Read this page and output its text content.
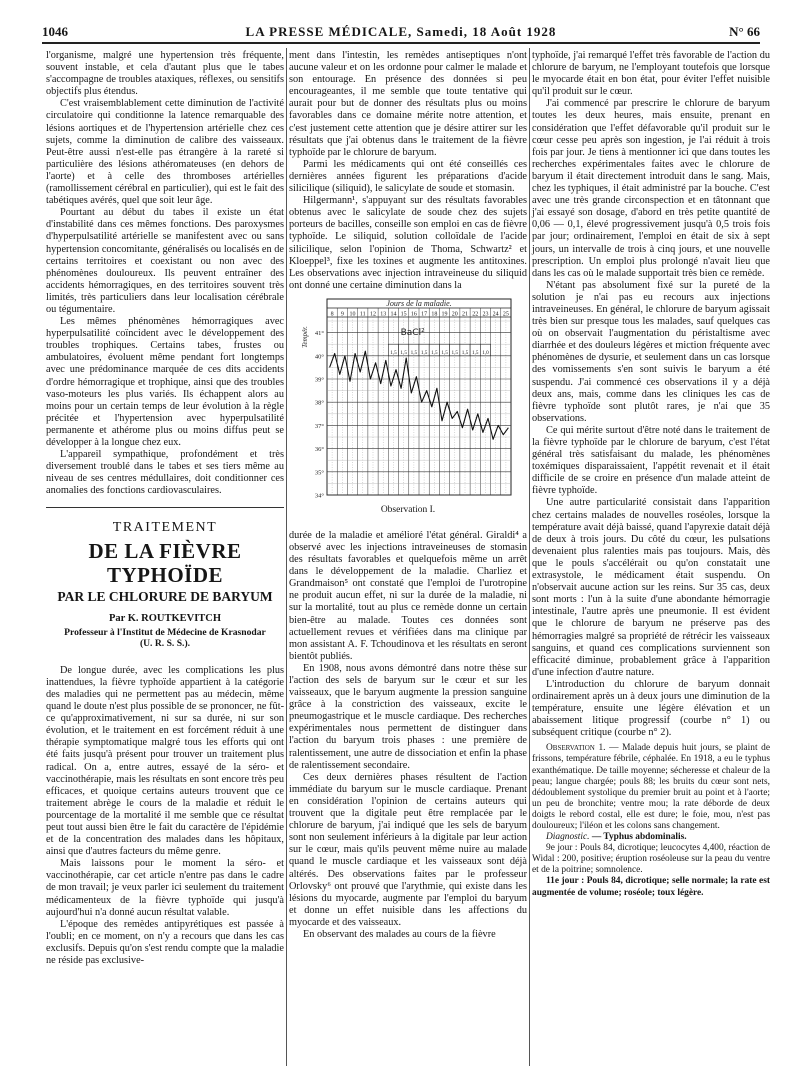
1046	LA PRESSE MÉDICALE, Samedi, 18 Août 1928	N° 66

l'organisme, malgré une hypertension très fréquente, souvent instable, et cela d'autant plus que le tabes s'accompagne de troubles ataxiques, réflexes, ou sensitifs objectifs plus étendus.

C'est vraisemblablement cette diminution de l'activité circulatoire qui conditionne la latence remarquable des lésions aortiques et de l'hypertension artérielle chez ces sujets, comme la diminution de calibre des vaisseaux. Peut-être aussi n'est-elle pas étrangère à la rareté si particulière des lésions athéromateuses (en dehors de l'aorte) et à celle des thromboses artérielles (ramollissement cérébral en particulier), qui est le fait des tabétiques avérés, quel que soit leur âge.

Pourtant au début du tabes il existe un état d'instabilité dans ces mêmes fonctions. Des paroxysmes d'hyperpulsatilité artérielle se manifestent avec ou sans hypertension concomitante, généralisés ou localisés en de certains territoires et coexistant ou non avec des phénomènes douloureux. Ils peuvent entraîner des accidents hémorragiques, en des territoires souvent très limités, très particuliers dans leur localisation cérébrale ou tégumentaire.

Les mêmes phénomènes hémorragiques avec hyperpulsatilité coïncident avec le développement des troubles trophiques. Certains tabes, frustes ou ambulatoires, évoluent même pendant fort longtemps avec une prédominance marquée de ces dits accidents d'ordre hémorragique et trophique, ainsi que des troubles vaso-moteurs les plus variés. Ils échappent alors au moins pour un certain temps de leur évolution à la règle précitée et l'hypertension avec hyperpulsatilité permanente et athérome plus ou moins diffus peut se développer à la longue chez eux.

L'appareil sympathique, profondément et très diversement troublé dans le tabes et ses tiers même au niveau de ses centres médullaires, doit conditionner ces anomalies des fonctions cardiovasculaires.

TRAITEMENT
DE LA FIÈVRE TYPHOÏDE
PAR LE CHLORURE DE BARYUM
Par K. ROUTKEVITCH
Professeur à l'Institut de Médecine de Krasnodar
(U. R. S. S.).

De longue durée, avec les complications les plus inattendues, la fièvre typhoïde appartient à la catégorie des maladies qui ne permettent pas au médecin, même quand le doute n'est plus possible de se prononcer, ne fût-ce qu'approximativement, ni sur sa durée, ni sur son évolution, et le traitement en est forcément réduit à une thérapie symptomatique malgré tous les efforts qui ont été faits jusqu'à présent pour trouver un traitement plus radical. On a, entre autres, essayé de la séro- et vaccinothérapie, mais les résultats en sont encore très peu efficaces, et quoique certains auteurs trouvent que ce traitement abrège le cours de la maladie et réduit le pourcentage de la mortalité il me semble que ce résultat peut tout aussi bien être le fait du caractère de l'épidémie et de la concentration des malades dans les hôpitaux, ainsi que d'autres facteurs du même genre.

Mais laissons pour le moment la séro- et vaccinothérapie, car cet article n'entre pas dans le cadre de mon travail; je veux parler ici seulement du traitement médicamenteux de la fièvre typhoïde qui jusqu'à aujourd'hui n'a donné aucun résultat valable.

L'époque des remèdes antipyrétiques est passée à l'oubli; en ce moment, on n'y a recours que dans les cas exclusifs. Depuis qu'on s'est rendu compte que la maladie ne réside pas exclusive-

ment dans l'intestin, les remèdes antiseptiques n'ont aucune valeur et on les ordonne pour calmer le malade et son entourage. En présence des données si peu encourageantes, il me semble que toute tentative qui aurait pour but de donner des résultats plus ou moins favorables dans ce domaine mérite notre attention, et c'est justement cette attention que je désire attirer sur les résultats que j'ai obtenus dans le traitement de la fièvre typhoïde par le chlorure de baryum.

Parmi les médicaments qui ont été conseillés ces dernières années figurent les préparations d'acide silicilique (siliquid), le salicylate de soude et stomasin.

Hilgermann¹, s'appuyant sur des résultats favorables obtenus avec le salicylate de soude chez des sujets porteurs de bacilles, conseille son emploi en cas de fièvre typhoïde. Le siliquid, solution colloïdale de l'acide silicilique, selon l'opinion de Thoma, Schwartz² et Kloeppel³, fixe les toxines et augmente les antitoxines. Les observations avec injection intraveineuse du siliquid ont donné une certaine diminution dans la

Jours de la maladie.
8 9 10 11 12 13 14 15 16 17 18 19 20 21 22 23 24 25
41°
40°
39°
38°
37°
36°
35°
34°
Tempér.	BaCl²
1,5 1,5 1,5 1,5 1,5 1,5 1,5 1,5 1,5 1,0
Observation I.

durée de la maladie et amélioré l'état général. Giraldi⁴ a observé avec les injections intraveineuses de stomasin des résultats favorables et quelquefois même un arrêt dans le développement de la maladie. Charliez et Grandmaison⁵ ont constaté que l'emploi de l'urotropine ne produit aucun effet, ni sur la durée de la maladie, ni sur la mortalité, tout au plus ce remède donne un certain bien-être au malade. Toutes ces données sont actuellement revues et vérifiées dans ma clinique par mon assistant A. F. Tchoudinova et les résultats en seront bientôt publiés.

En 1908, nous avons démontré dans notre thèse sur l'action des sels de baryum sur le cœur et sur les vaisseaux, que le baryum augmente la pression sanguine grâce à la constriction des vaisseaux, excite le pneumogastrique et le muscle cardiaque. Des recherches expérimentales nous permettent de distinguer dans l'action du baryum trois phases : une première de ralentissement, une autre de dissociation et enfin la phase de ralentissement secondaire.

Ces deux dernières phases résultent de l'action immédiate du baryum sur le muscle cardiaque. Prenant en considération l'opinion de certains auteurs qui trouvent que la digitale peut être remplacée par le chlorure de baryum, j'ai indiqué que les sels de baryum sont non seulement inférieurs à la digitale par leur action sur le cœur, mais qu'ils peuvent même nuire au malade quand le muscle cardiaque et les vaisseaux sont déjà altérés. Des observations faites par le professeur Orlovsky⁶ ont prouvé que l'arythmie, qui existe dans les lésions du myocarde, augmente par l'emploi du baryum et donne un effet nuisible dans les affections du myocarde et des vaisseaux.

En observant des malades au cours de la fièvre

typhoïde, j'ai remarqué l'effet très favorable de l'action du chlorure de baryum, ne l'employant toutefois que lorsque le myocarde était en bon état, pour éviter l'effet nuisible qu'il produit sur le cœur.

J'ai commencé par prescrire le chlorure de baryum toutes les deux heures, mais ensuite, prenant en considération que l'effet défavorable qu'il produit sur le cœur cesse peu après son ingestion, je l'ai réduit à trois fois par jour. Je tiens à mentionner ici que dans toutes les recherches expérimentales faites avec le chlorure de baryum il était directement introduit dans le sang. Mais, chez les typhiques, il était administré par la bouche. C'est avec une très grande circonspection et en tâtonnant que j'ai essayé son dosage, d'abord en très petite quantité de 0,06 — 0,1, élevé progressivement jusqu'à 0,5 trois fois par jour; ordinairement, l'emploi en était de six à sept jours, un intervalle de trois à cinq jours, et une nouvelle prescription. Un emploi plus prolongé n'avait lieu que dans les cas où le malade supportait très bien ce remède.

N'étant pas absolument fixé sur la pureté de la solution je n'ai pas eu recours aux injections intraveineuses. En général, le chlorure de baryum agissait très bien sur presque tous les malades, sauf quelques cas où on observait l'augmentation du péristaltisme avec diarrhée et des douleurs légères et miction fréquente avec phénomènes de dysurie, et seulement dans un cas lorsque des vomissements s'en sont suivis le baryum a été suspendu. J'ai commencé ces observations il y a déjà deux ans, mais, comme dans les cliniques les cas de fièvre typhoïde sont plutôt rares, je n'ai que 35 observations.

Ce qui mérite surtout d'être noté dans le traitement de la fièvre typhoïde par le chlorure de baryum, c'est l'état général très satisfaisant du malade, les phénomènes toxémiques disparaissaient, l'appétit revenait et il était difficile de se croire en présence d'un malade atteint de fièvre typhoïde.

Une autre particularité consistait dans l'apparition chez certains malades de nouvelles roséoles, lorsque la température avait déjà baissé, quand l'apyrexie datait déjà de deux à trois jours. Du côté du cœur, les pulsations devenaient plus ralenties mais pas toujours. Mais, dès que le pouls s'accélérait ou qu'on constatait une extrasystole, le médicament était suspendu. On n'observait aucune action sur les reins. Sur 35 cas, deux sont morts : l'un à la suite d'une abondante hémorragie intestinale, l'autre après une pneumonie. Il est évident que le chlorure de baryum ne préserve pas des hémorragies malgré sa propriété de rétrécir les vaisseaux sanguins, et quand ces complications surviennent son efficacité diminue, probablement grâce à l'apparition d'une infection d'autre nature.

L'introduction du chlorure de baryum donnait ordinairement après un à deux jours une diminution de la température, ensuite une légère élévation et un abaissement litique progressif (courbe n° 1) ou subséquent critique (courbe n° 2).

Observation 1. — Malade depuis huit jours, se plaint de frissons, température fébrile, céphalée. En 1918, a eu le typhus exanthématique. De taille moyenne; sécheresse et chaleur de la peau; langue chargée; pouls 88; les bruits du cœur sont nets, dédoublement systolique du premier bruit au point et à l'aorte; un peu de bronchite; ventre mou; la rate déborde de deux doigts le rebord costal, elle est dure; le foie, mou, n'est pas douloureux; l'iléon et les colons sans changement.

Diagnostic. — Typhus abdominalis.

9e jour : Pouls 84, dicrotique; leucocytes 4,400, réaction de Widal : 200, positive; éruption roséoleuse sur la peau du ventre et de la poitrine; somnolence.

11e jour : Pouls 84, dicrotique; selle normale; la rate est augmentée de volume; roséole; toux légère.
